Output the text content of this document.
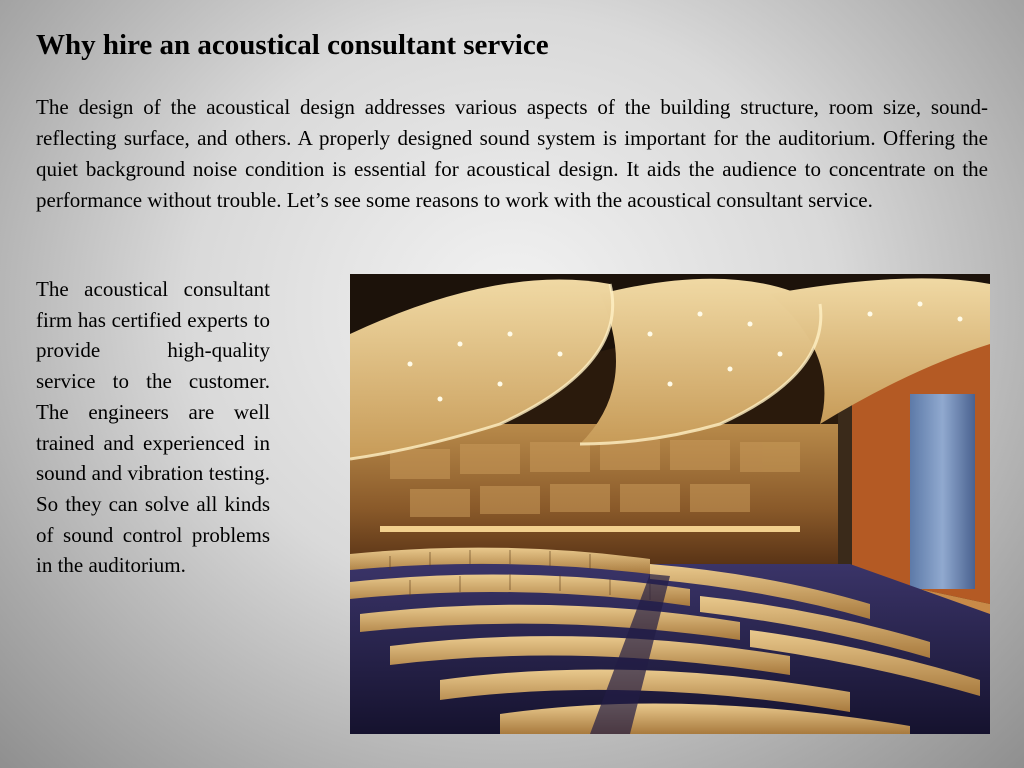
Why hire an acoustical consultant service

The design of the acoustical design addresses various aspects of the building structure, room size, sound-reflecting surface, and others. A properly designed sound system is important for the auditorium. Offering the quiet background noise condition is essential for acoustical design. It aids the audience to concentrate on the performance without trouble. Let’s see some reasons to work with the acoustical consultant service.

The acoustical consultant firm has certified experts to provide high-quality service to the customer. The engineers are well trained and experienced in sound and vibration testing. So they can solve all kinds of sound control problems in the auditorium.
